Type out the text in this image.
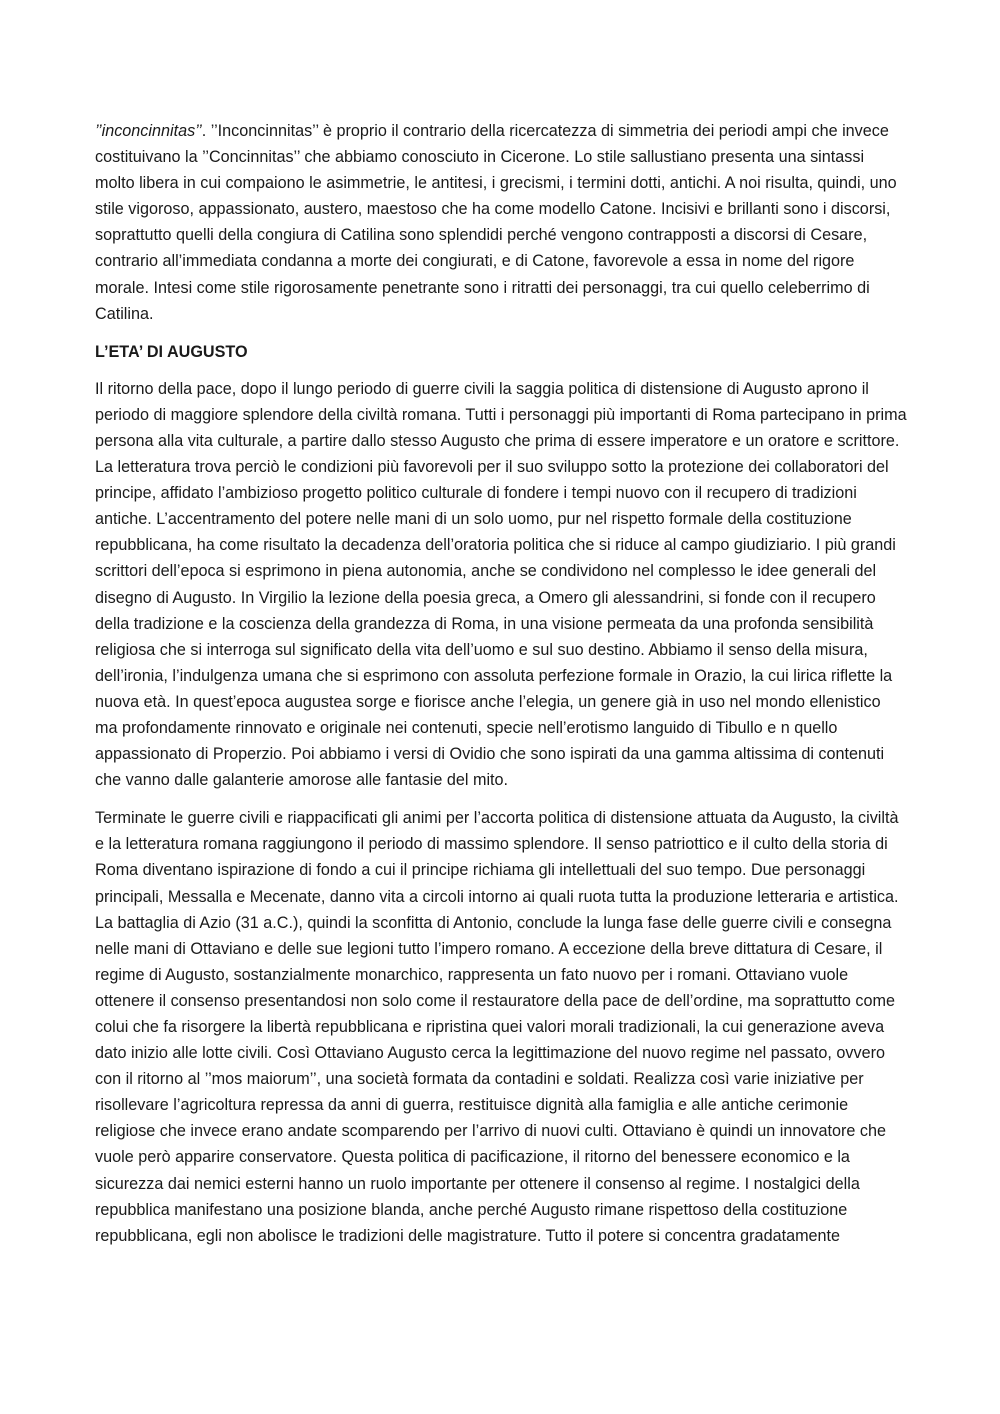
’’inconcinnitas’’. ’’Inconcinnitas’’ è proprio il contrario della ricercatezza di simmetria dei periodi ampi che invece costituivano la ’’Concinnitas’’ che abbiamo conosciuto in Cicerone. Lo stile sallustiano presenta una sintassi molto libera in cui compaiono le asimmetrie, le antitesi, i grecismi, i termini dotti, antichi. A noi risulta, quindi, uno stile vigoroso, appassionato, austero, maestoso che ha come modello Catone. Incisivi e brillanti sono i discorsi, soprattutto quelli della congiura di Catilina sono splendidi perché vengono contrapposti a discorsi di Cesare, contrario all’immediata condanna a morte dei congiurati, e di Catone, favorevole a essa in nome del rigore morale. Intesi come stile rigorosamente penetrante sono i ritratti dei personaggi, tra cui quello celeberrimo di Catilina.

L’ETA’ DI AUGUSTO

Il ritorno della pace, dopo il lungo periodo di guerre civili la saggia politica di distensione di Augusto aprono il periodo di maggiore splendore della civiltà romana. Tutti i personaggi più importanti di Roma partecipano in prima persona alla vita culturale, a partire dallo stesso Augusto che prima di essere imperatore e un oratore e scrittore. La letteratura trova perciò le condizioni più favorevoli per il suo sviluppo sotto la protezione dei collaboratori del principe, affidato l’ambizioso progetto politico culturale di fondere i tempi nuovo con il recupero di tradizioni antiche. L’accentramento del potere nelle mani di un solo uomo, pur nel rispetto formale della costituzione repubblicana, ha come risultato la decadenza dell’oratoria politica che si riduce al campo giudiziario. I più grandi scrittori dell’epoca si esprimono in piena autonomia, anche se condividono nel complesso le idee generali del disegno di Augusto. In Virgilio la lezione della poesia greca, a Omero gli alessandrini, si fonde con il recupero della tradizione e la coscienza della grandezza di Roma, in una visione permeata da una profonda sensibilità religiosa che si interroga sul significato della vita dell’uomo e sul suo destino. Abbiamo il senso della misura, dell’ironia, l’indulgenza umana che si esprimono con assoluta perfezione formale in Orazio, la cui lirica riflette la nuova età. In quest’epoca augustea sorge e fiorisce anche l’elegia, un genere già in uso nel mondo ellenistico ma profondamente rinnovato e originale nei contenuti, specie nell’erotismo languido di Tibullo e n quello appassionato di Properzio. Poi abbiamo i versi di Ovidio che sono ispirati da una gamma altissima di contenuti che vanno dalle galanterie amorose alle fantasie del mito.

Terminate le guerre civili e riappacificati gli animi per l’accorta politica di distensione attuata da Augusto, la civiltà e la letteratura romana raggiungono il periodo di massimo splendore. Il senso patriottico e il culto della storia di Roma diventano ispirazione di fondo a cui il principe richiama gli intellettuali del suo tempo. Due personaggi principali, Messalla e Mecenate, danno vita a circoli intorno ai quali ruota tutta la produzione letteraria e artistica. La battaglia di Azio (31 a.C.), quindi la sconfitta di Antonio, conclude la lunga fase delle guerre civili e consegna nelle mani di Ottaviano e delle sue legioni tutto l’impero romano. A eccezione della breve dittatura di Cesare, il regime di Augusto, sostanzialmente monarchico, rappresenta un fato nuovo per i romani. Ottaviano vuole ottenere il consenso presentandosi non solo come il restauratore della pace de dell’ordine, ma soprattutto come colui che fa risorgere la libertà repubblicana e ripristina quei valori morali tradizionali, la cui generazione aveva dato inizio alle lotte civili. Così Ottaviano Augusto cerca la legittimazione del nuovo regime nel passato, ovvero con il ritorno al ’’mos maiorum’’, una società formata da contadini e soldati. Realizza così varie iniziative per risollevare l’agricoltura repressa da anni di guerra, restituisce dignità alla famiglia e alle antiche cerimonie religiose che invece erano andate scomparendo per l’arrivo di nuovi culti. Ottaviano è quindi un innovatore che vuole però apparire conservatore. Questa politica di pacificazione, il ritorno del benessere economico e la sicurezza dai nemici esterni hanno un ruolo importante per ottenere il consenso al regime. I nostalgici della repubblica manifestano una posizione blanda, anche perché Augusto rimane rispettoso della costituzione repubblicana, egli non abolisce le tradizioni delle magistrature. Tutto il potere si concentra gradatamente
